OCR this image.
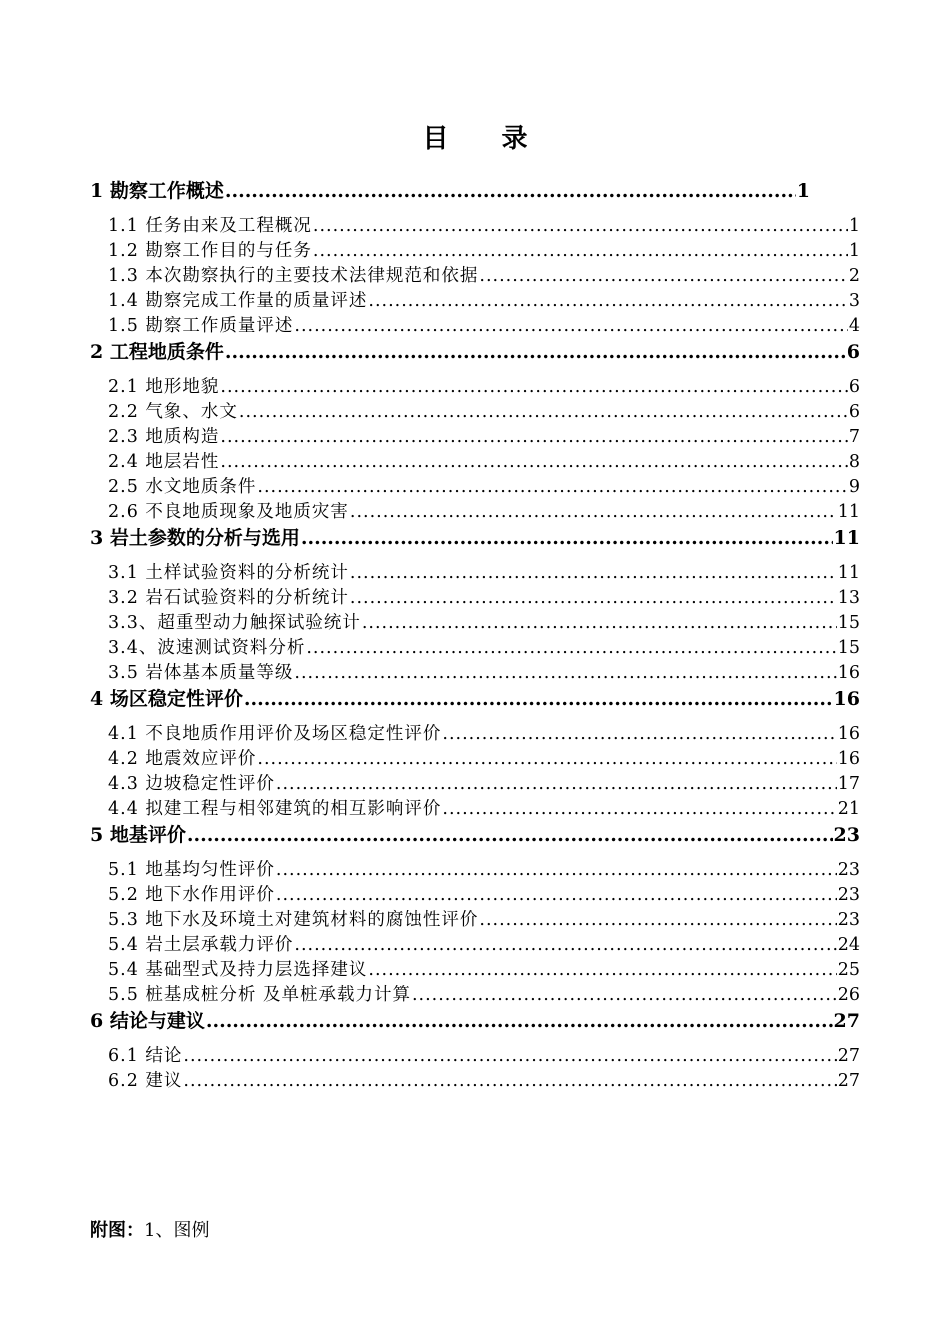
目 录
1 勘察工作概述 .....	1
1.1 任务由来及工程概况 .....	1
1.2 勘察工作目的与任务 .....	1
1.3 本次勘察执行的主要技术法律规范和依据 .....	2
1.4 勘察完成工作量的质量评述 .....	3
1.5 勘察工作质量评述 .....	4
2 工程地质条件 .....	6
2.1 地形地貌 .....	6
2.2 气象、水文 .....	6
2.3 地质构造 .....	7
2.4 地层岩性 .....	8
2.5 水文地质条件 .....	9
2.6 不良地质现象及地质灾害 .....	11
3 岩土参数的分析与选用 .....	11
3.1 土样试验资料的分析统计 .....	11
3.2 岩石试验资料的分析统计 .....	13
3.3、超重型动力触探试验统计 .....	15
3.4、波速测试资料分析 .....	15
3.5 岩体基本质量等级 .....	16
4 场区稳定性评价 .....	16
4.1 不良地质作用评价及场区稳定性评价 .....	16
4.2 地震效应评价 .....	16
4.3 边坡稳定性评价 .....	17
4.4 拟建工程与相邻建筑的相互影响评价 .....	21
5 地基评价 .....	23
5.1 地基均匀性评价 .....	23
5.2 地下水作用评价 .....	23
5.3 地下水及环境土对建筑材料的腐蚀性评价 .....	23
5.4 岩土层承载力评价 .....	24
5.4 基础型式及持力层选择建议 .....	25
5.5 桩基成桩分析 及单桩承载力计算 .....	26
6 结论与建议 .....	27
6.1 结论 .....	27
6.2 建议 .....	27
附图：1、图例
